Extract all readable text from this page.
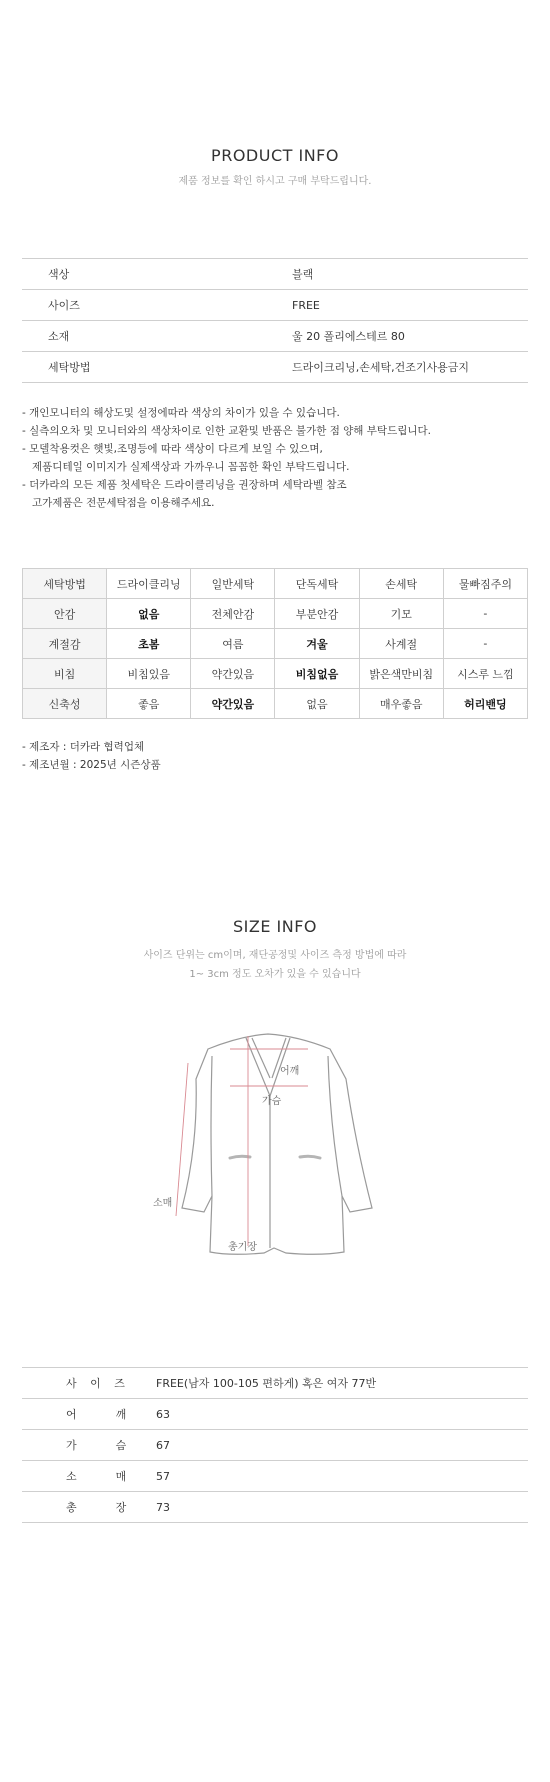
PRODUCT INFO
제품 정보를 확인 하시고 구매 부탁드립니다.
색상	블랙
사이즈	FREE
소재	울 20 폴리에스테르 80
세탁방법	드라이크리닝,손세탁,건조기사용금지
- 개인모니터의 해상도및 설정에따라 색상의 차이가 있을 수 있습니다.
- 실측의오차 및 모니터와의 색상차이로 인한 교환및 반품은 불가한 점 양해 부탁드립니다.
- 모델착용컷은 햇빛,조명등에 따라 색상이 다르게 보일 수 있으며,
제품디테일 이미지가 실제색상과 가까우니 꼼꼼한 확인 부탁드립니다.
- 더카라의 모든 제품 첫세탁은 드라이클리닝을 권장하며 세탁라벨 참조
고가제품은 전문세탁점을 이용해주세요.
세탁방법	드라이클리닝	일반세탁	단독세탁	손세탁	물빠짐주의
안감	없음	전체안감	부분안감	기모	-
계절감	초봄	여름	겨울	사계절	-
비침	비침있음	약간있음	비침없음	밝은색만비침	시스루 느낌
신축성	좋음	약간있음	없음	매우좋음	허리밴딩
- 제조자 : 더카라 협력업체
- 제조년월 : 2025년 시즌상품
SIZE INFO
사이즈 단위는 cm이며, 재단공정및 사이즈 측정 방법에 따라
1~ 3cm 정도 오차가 있을 수 있습니다
어깨
가슴
소매
총기장
사 이 즈	FREE(남자 100-105 편하게) 혹은 여자 77반
어    깨	63
가    슴	67
소    매	57
총    장	73
